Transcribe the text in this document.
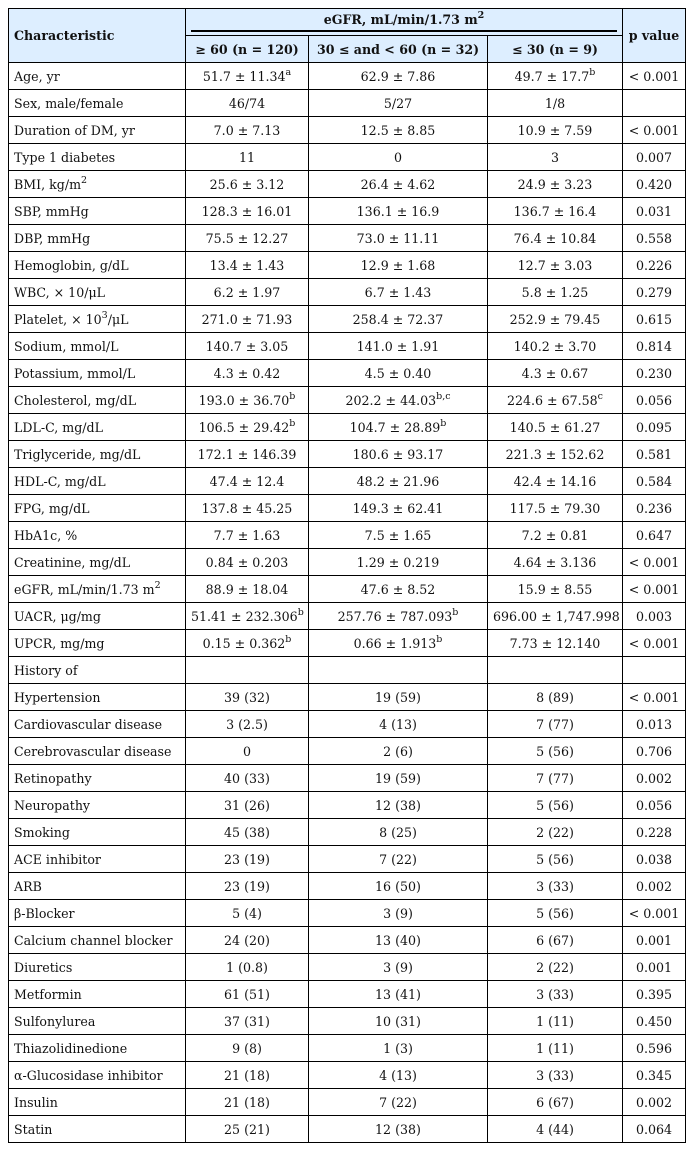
Characteristic	eGFR, mL/min/1.73 $m^2$			p value
	≥ 60 (n = 120)	30 ≤ and < 60 (n = 32)	≤ 30 (n = 9)	
Age, yr	51.7 ± 11.34$^a$	62.9 ± 7.86	49.7 ± 17.7$^b$	< 0.001
Sex, male/female	46/74	5/27	1/8	
Duration of DM, yr	7.0 ± 7.13	12.5 ± 8.85	10.9 ± 7.59	< 0.001
Type 1 diabetes	11	0	3	0.007
BMI, $kg/m^2$	25.6 ± 3.12	26.4 ± 4.62	24.9 ± 3.23	0.420
SBP, mmHg	128.3 ± 16.01	136.1 ± 16.9	136.7 ± 16.4	0.031
DBP, mmHg	75.5 ± 12.27	73.0 ± 11.11	76.4 ± 10.84	0.558
Hemoglobin, g/dL	13.4 ± 1.43	12.9 ± 1.68	12.7 ± 3.03	0.226
WBC, × 10/μL	6.2 ± 1.97	6.7 ± 1.43	5.8 ± 1.25	0.279
Platelet, × $10^3/\mu L$	271.0 ± 71.93	258.4 ± 72.37	252.9 ± 79.45	0.615
Sodium, mmol/L	140.7 ± 3.05	141.0 ± 1.91	140.2 ± 3.70	0.814
Potassium, mmol/L	4.3 ± 0.42	4.5 ± 0.40	4.3 ± 0.67	0.230
Cholesterol, mg/dL	193.0 ± 36.70$^b$	$202.2 \pm 44.03^{b,c}$	224.6 ± 67.58$^c$	0.056
LDL-C, mg/dL	106.5 ± 29.42$^b$	104.7 ± 28.89$^b$	140.5 ± 61.27	0.095
Triglyceride, mg/dL	172.1 ± 146.39	180.6 ± 93.17	221.3 ± 152.62	0.581
HDL-C, mg/dL	47.4 ± 12.4	48.2 ± 21.96	42.4 ± 14.16	0.584
FPG, mg/dL	137.8 ± 45.25	149.3 ± 62.41	117.5 ± 79.30	0.236
HbA1c, %	7.7 ± 1.63	7.5 ± 1.65	7.2 ± 0.81	0.647
Creatinine, mg/dL	0.84 ± 0.203	1.29 ± 0.219	4.64 ± 3.136	< 0.001
eGFR, mL/min/1.73 $m^2$	88.9 ± 18.04	47.6 ± 8.52	15.9 ± 8.55	< 0.001
UACR, μg/mg	51.41 ± 232.306$^b$	257.76 ± 787.093$^b$	696.00 ± 1,747.998	0.003
UPCR, mg/mg	0.15 ± 0.362$^b$	0.66 ± 1.913$^b$	7.73 ± 12.140	< 0.001
History of				
Hypertension	39 (32)	19 (59)	8 (89)	< 0.001
Cardiovascular disease	3 (2.5)	4 (13)	7 (77)	0.013
Cerebrovascular disease	0	2 (6)	5 (56)	0.706
Retinopathy	40 (33)	19 (59)	7 (77)	0.002
Neuropathy	31 (26)	12 (38)	5 (56)	0.056
Smoking	45 (38)	8 (25)	2 (22)	0.228
ACE inhibitor	23 (19)	7 (22)	5 (56)	0.038
ARB	23 (19)	16 (50)	3 (33)	0.002
β-Blocker	5 (4)	3 (9)	5 (56)	< 0.001
Calcium channel blocker	24 (20)	13 (40)	6 (67)	0.001
Diuretics	1 (0.8)	3 (9)	2 (22)	0.001
Metformin	61 (51)	13 (41)	3 (33)	0.395
Sulfonylurea	37 (31)	10 (31)	1 (11)	0.450
Thiazolidinedione	9 (8)	1 (3)	1 (11)	0.596
α-Glucosidase inhibitor	21 (18)	4 (13)	3 (33)	0.345
Insulin	21 (18)	7 (22)	6 (67)	0.002
Statin	25 (21)	12 (38)	4 (44)	0.064
